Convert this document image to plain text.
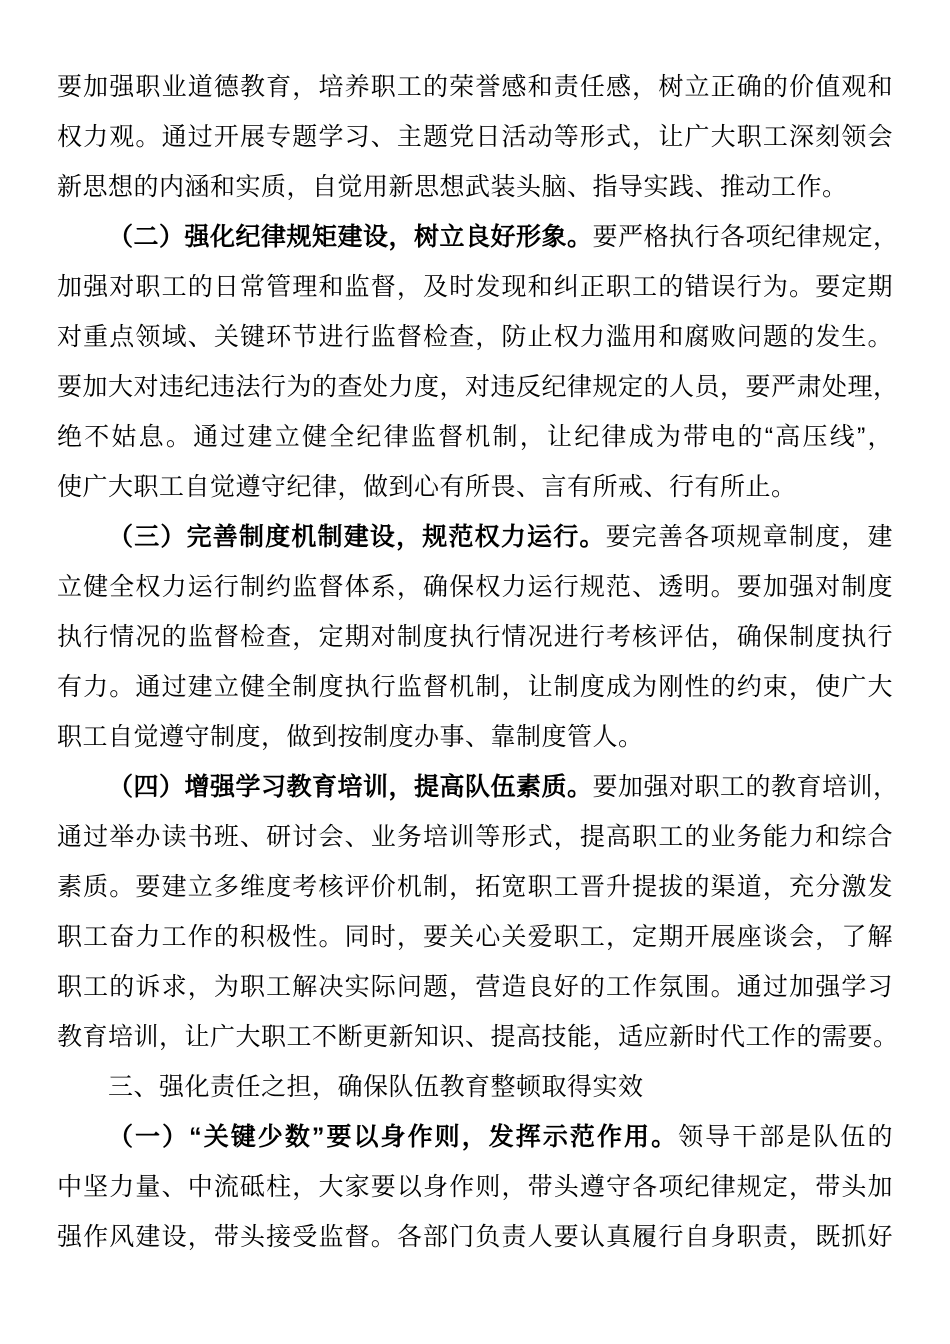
要加强职业道德教育，培养职工的荣誉感和责任感，树立正确的价值观和
权力观。通过开展专题学习、主题党日活动等形式，让广大职工深刻领会
新思想的内涵和实质，自觉用新思想武装头脑、指导实践、推动工作。
（二）强化纪律规矩建设，树立良好形象。要严格执行各项纪律规定，
加强对职工的日常管理和监督，及时发现和纠正职工的错误行为。要定期
对重点领域、关键环节进行监督检查，防止权力滥用和腐败问题的发生。
要加大对违纪违法行为的查处力度，对违反纪律规定的人员，要严肃处理，
绝不姑息。通过建立健全纪律监督机制，让纪律成为带电的“高压线”，
使广大职工自觉遵守纪律，做到心有所畏、言有所戒、行有所止。
（三）完善制度机制建设，规范权力运行。要完善各项规章制度，建
立健全权力运行制约监督体系，确保权力运行规范、透明。要加强对制度
执行情况的监督检查，定期对制度执行情况进行考核评估，确保制度执行
有力。通过建立健全制度执行监督机制，让制度成为刚性的约束，使广大
职工自觉遵守制度，做到按制度办事、靠制度管人。
（四）增强学习教育培训，提高队伍素质。要加强对职工的教育培训，
通过举办读书班、研讨会、业务培训等形式，提高职工的业务能力和综合
素质。要建立多维度考核评价机制，拓宽职工晋升提拔的渠道，充分激发
职工奋力工作的积极性。同时，要关心关爱职工，定期开展座谈会，了解
职工的诉求，为职工解决实际问题，营造良好的工作氛围。通过加强学习
教育培训，让广大职工不断更新知识、提高技能，适应新时代工作的需要。
三、强化责任之担，确保队伍教育整顿取得实效
（一）“关键少数”要以身作则，发挥示范作用。领导干部是队伍的
中坚力量、中流砥柱，大家要以身作则，带头遵守各项纪律规定，带头加
强作风建设，带头接受监督。各部门负责人要认真履行自身职责，既抓好
